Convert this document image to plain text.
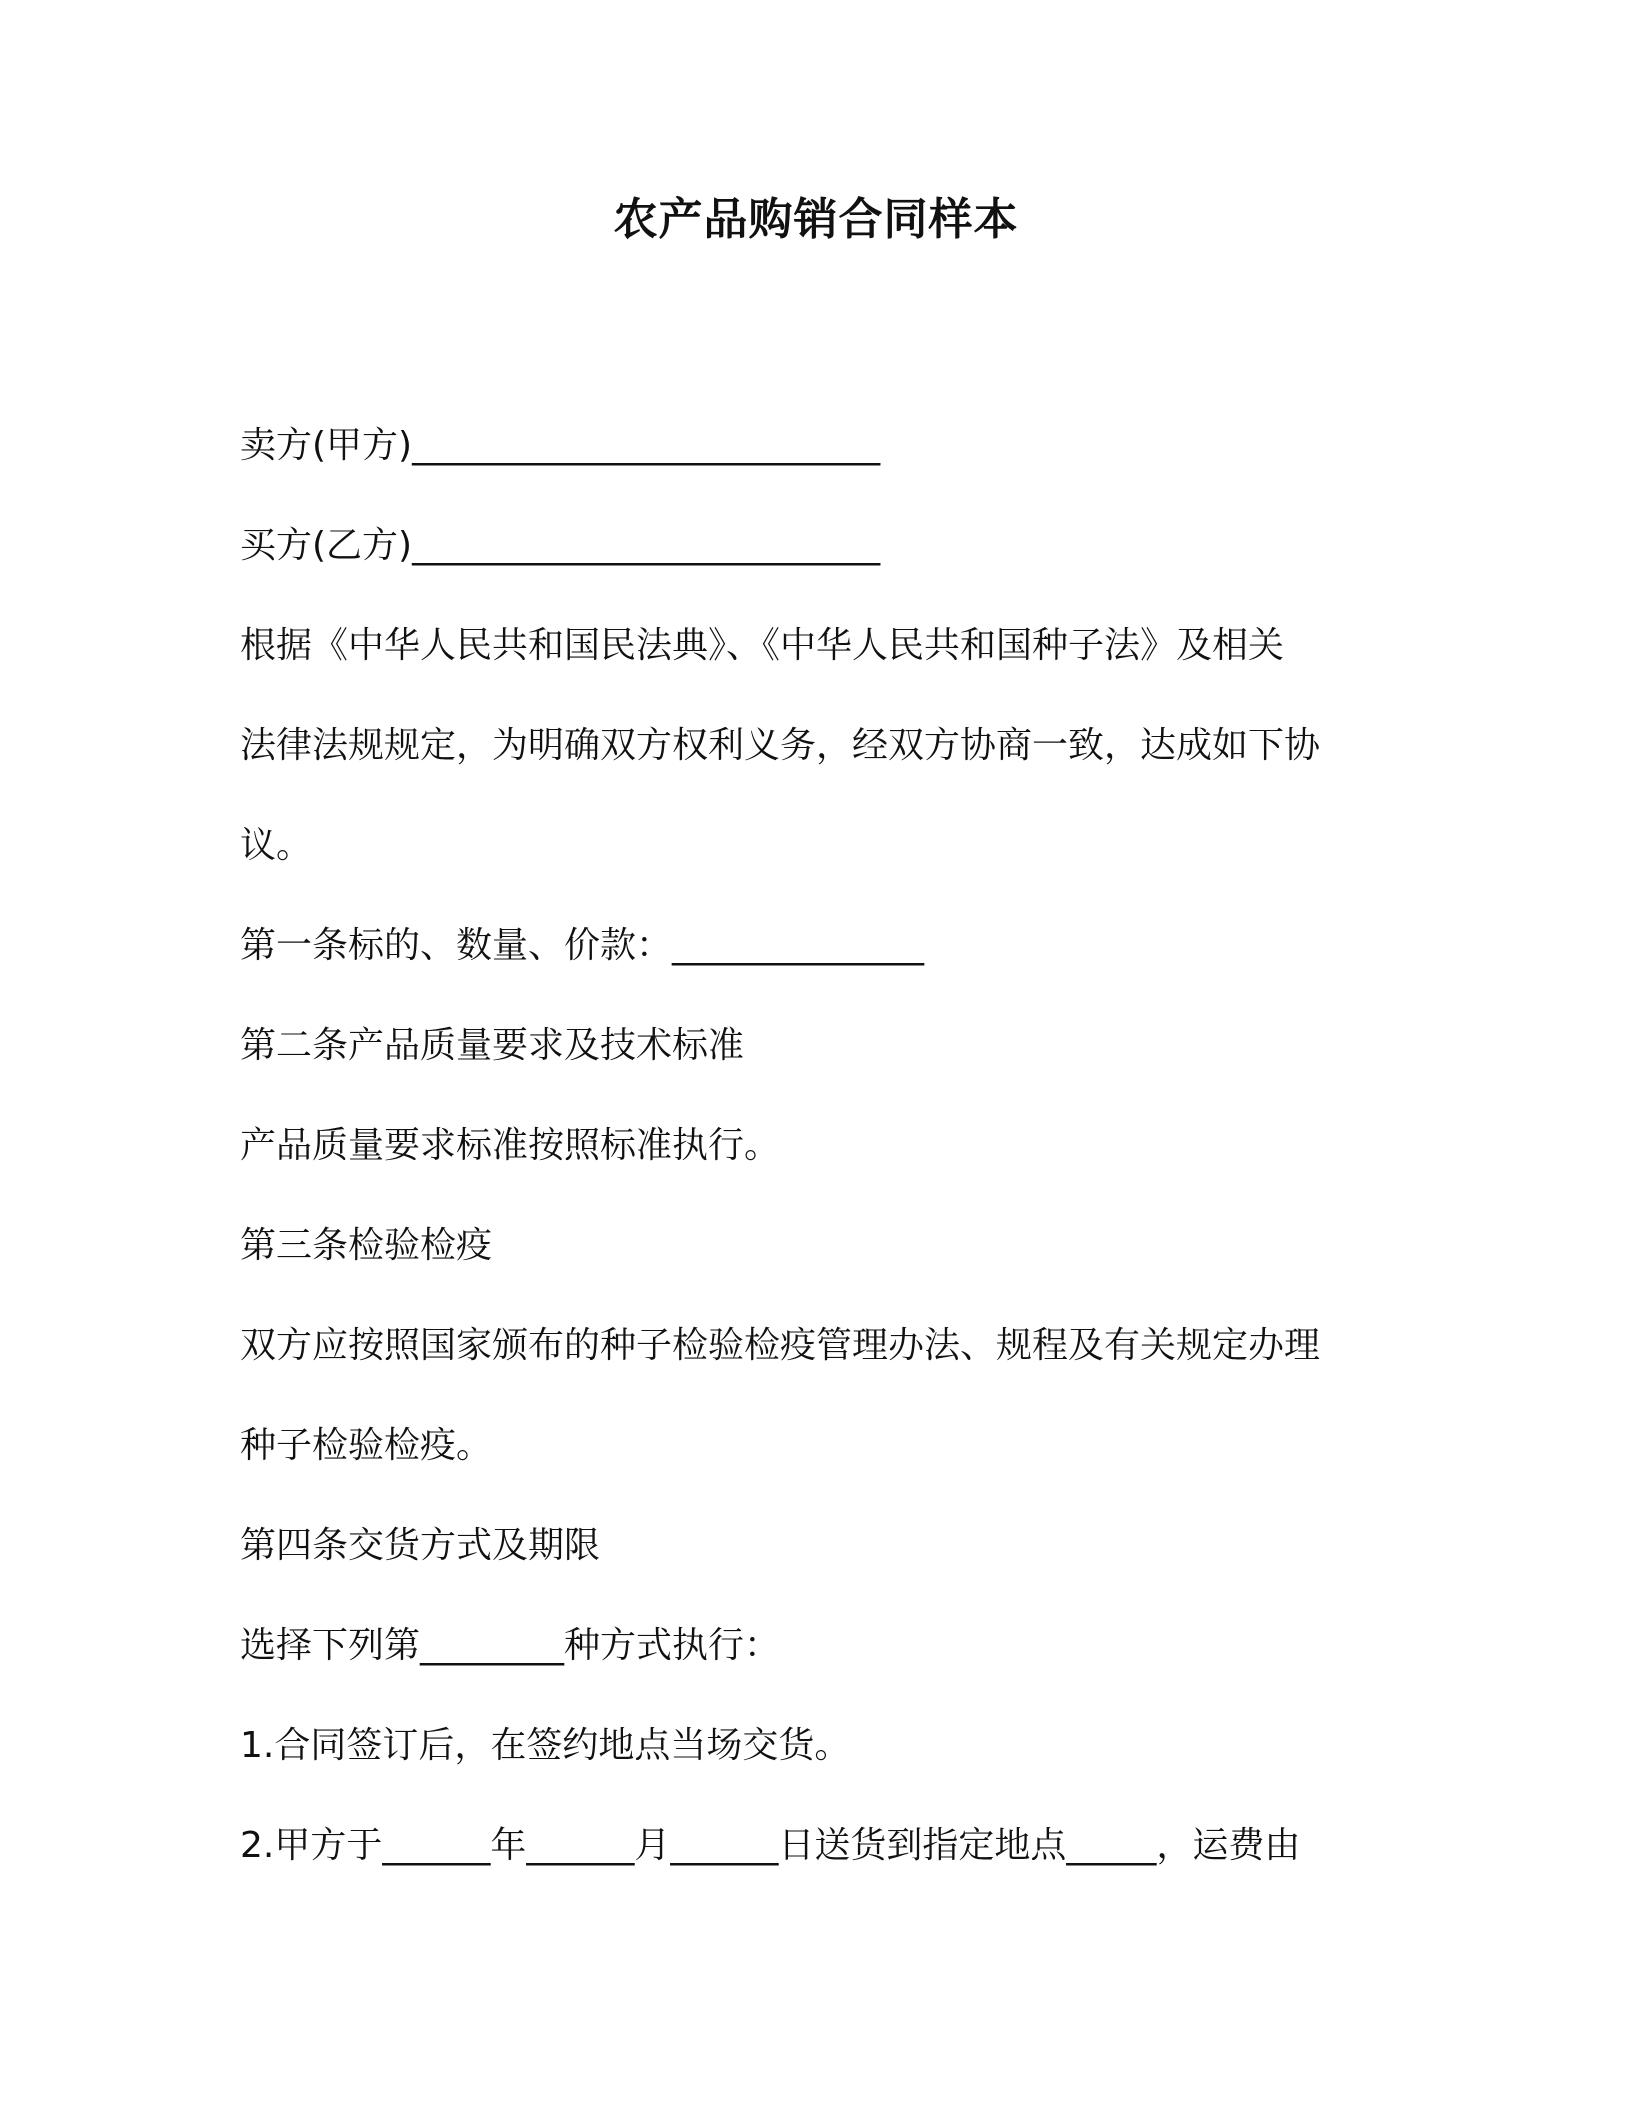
农产品购销合同样本
卖方(甲方)__________________________
买方(乙方)__________________________
根据《中华人民共和国民法典》、《中华人民共和国种子法》及相关
法律法规规定，为明确双方权利义务，经双方协商一致，达成如下协
议。
第一条标的、数量、价款：______________
第二条产品质量要求及技术标准
产品质量要求标准按照标准执行。
第三条检验检疫
双方应按照国家颁布的种子检验检疫管理办法、规程及有关规定办理
种子检验检疫。
第四条交货方式及期限
选择下列第________种方式执行：
1.合同签订后，在签约地点当场交货。
2.甲方于______年______月______日送货到指定地点_____，运费由
